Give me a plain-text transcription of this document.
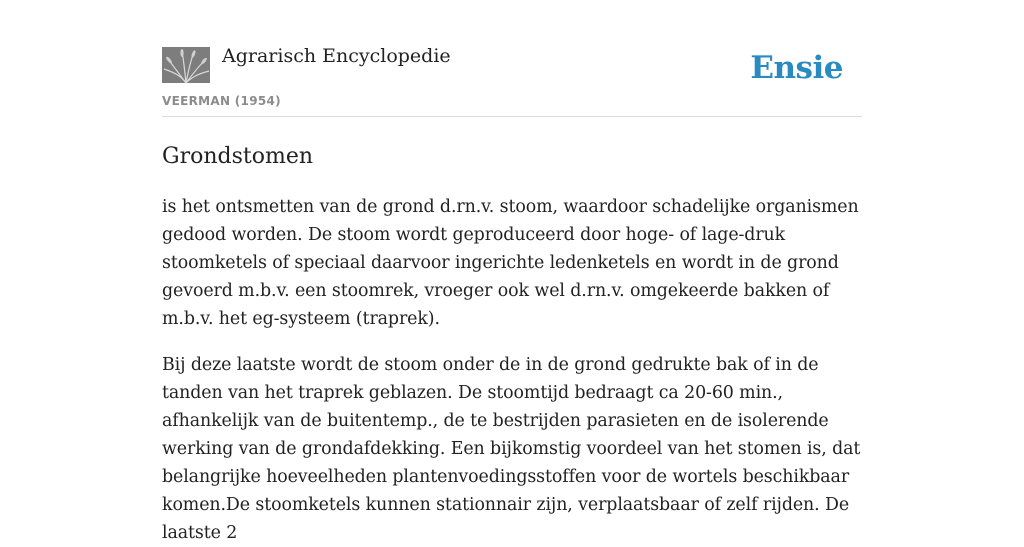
Agrarisch Encyclopedie
VEERMAN (1954)
Ensie
Grondstomen

is het ontsmetten van de grond d.rn.v. stoom, waardoor schadelijke organismen gedood worden. De stoom wordt geproduceerd door hoge- of lage-druk stoomketels of speciaal daarvoor ingerichte ledenketels en wordt in de grond gevoerd m.b.v. een stoomrek, vroeger ook wel d.rn.v. omgekeerde bakken of m.b.v. het eg-systeem (traprek).

Bij deze laatste wordt de stoom onder de in de grond gedrukte bak of in de tanden van het traprek geblazen. De stoomtijd bedraagt ca 20-60 min., afhankelijk van de buitentemp., de te bestrijden parasieten en de isolerende werking van de grondafdekking. Een bijkomstig voordeel van het stomen is, dat belangrijke hoeveelheden plantenvoedingsstoffen voor de wortels beschikbaar komen.De stoomketels kunnen stationnair zijn, verplaatsbaar of zelf rijden. De laatste 2
